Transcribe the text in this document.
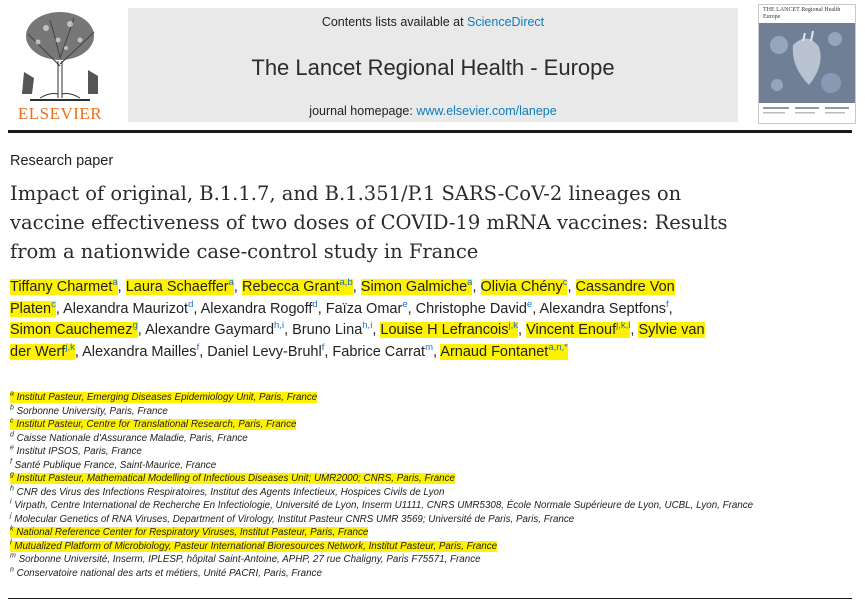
ELSEVIER
Contents lists available at ScienceDirect
The Lancet Regional Health - Europe
journal homepage: www.elsevier.com/lanepe
THE LANCET Regional Health Europe
Research paper
Impact of original, B.1.1.7, and B.1.351/P.1 SARS-CoV-2 lineages on vaccine effectiveness of two doses of COVID-19 mRNA vaccines: Results from a nationwide case-control study in France
Tiffany Charmet$^a$, Laura Schaeffer$^a$, Rebecca Grant$^{a,b}$, Simon Galmiche$^a$, Olivia Chény$^c$, Cassandre Von Platen$^c$, Alexandra Maurizot$^d$, Alexandra Rogoff$^d$, Faïza Omar$^e$, Christophe David$^e$, Alexandra Septfons$^f$, Simon Cauchemez$^g$, Alexandre Gaymard$^{h,i}$, Bruno Lina$^{h,i}$, Louise H Lefrancois$^{j,k}$, Vincent Enouf$^{j,k,l}$, Sylvie van der Werf$^{j,k}$, Alexandra Mailles$^f$, Daniel Levy-Bruhl$^f$, Fabrice Carrat$^m$, Arnaud Fontanet$^{a,n,*}$
$^a$ Institut Pasteur, Emerging Diseases Epidemiology Unit, Paris, France
$^b$ Sorbonne University, Paris, France
$^c$ Institut Pasteur, Centre for Translational Research, Paris, France
$^d$ Caisse Nationale d'Assurance Maladie, Paris, France
$^e$ Institut IPSOS, Paris, France
$^f$ Santé Publique France, Saint-Maurice, France
$^g$ Institut Pasteur, Mathematical Modelling of Infectious Diseases Unit; UMR2000; CNRS, Paris, France
$^h$ CNR des Virus des Infections Respiratoires, Institut des Agents Infectieux, Hospices Civils de Lyon
$^i$ Virpath, Centre International de Recherche En Infectiologie, Université de Lyon, Inserm U1111, CNRS UMR5308, École Normale Supérieure de Lyon, UCBL, Lyon, France
$^j$ Molecular Genetics of RNA Viruses, Department of Virology, Institut Pasteur CNRS UMR 3569; Université de Paris, Paris, France
$^k$ National Reference Center for Respiratory Viruses, Institut Pasteur, Paris, France
$^l$ Mutualized Platform of Microbiology, Pasteur International Bioresources Network, Institut Pasteur, Paris, France
$^m$ Sorbonne Université, Inserm, IPLESP, hôpital Saint-Antoine, APHP, 27 rue Chaligny, Paris F75571, France
$^n$ Conservatoire national des arts et métiers, Unité PACRI, Paris, France
